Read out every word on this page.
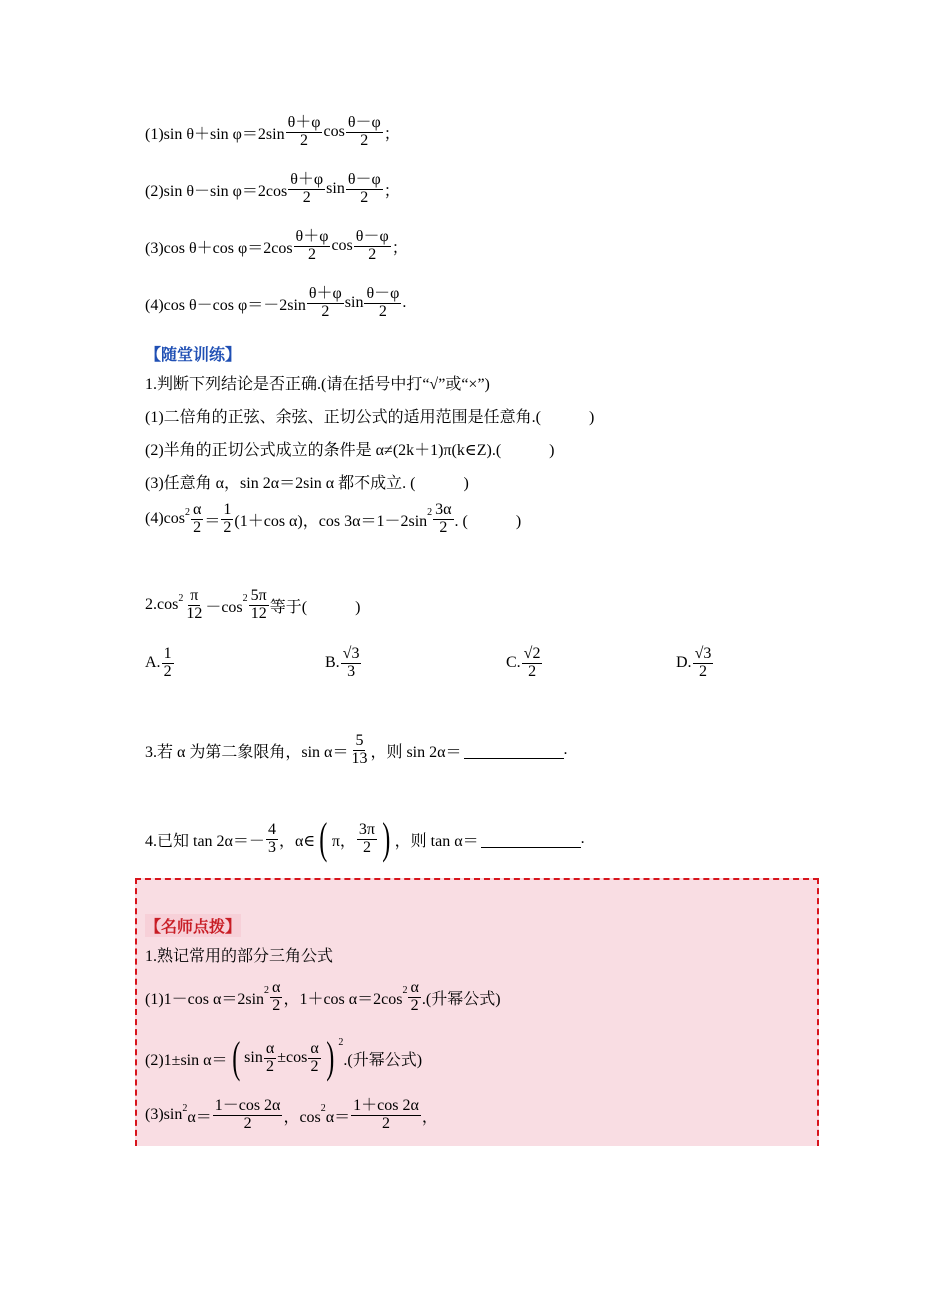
(1)sin θ＋sin $\varphi=2\sin \frac{\theta+\varphi}{2}$ $\cos \frac{\theta-\varphi}{2}$ ；
(2)sin θ－sin $\varphi=2\cos \frac{\theta+\varphi}{2}$ $\sin \frac{\theta-\varphi}{2}$ ；
(3)cos θ＋cos $\varphi=2\cos \frac{\theta+\varphi}{2}$ $\cos \frac{\theta-\varphi}{2}$ ；
(4)cos θ－cos $\varphi=-2\sin \frac{\theta+\varphi}{2}$ $\sin \frac{\theta-\varphi}{2}$ .
【随堂训练】
1.判断下列结论是否正确.(请在括号中打“√”或“×”)
(1)二倍角的正弦、余弦、正切公式的适用范围是任意角.(　　　)
(2)半角的正切公式成立的条件是 α≠(2k＋1)π(k∈Z).(　　　)
(3)任意角 α，sin 2α＝2sin α 都不成立. (　　　)
(4)cos $2 \frac{\alpha}{2} = \frac{1}{2} (1+\cos$ α)，cos 3α＝1－2sin
$2 \frac{3\alpha}{2}$ . (　　　)
2.cos $2 \frac{\pi}{12} -\cos$
$2 \frac{5\pi}{12}$ 等于(　　　)
A. $\frac{1}{2}$	B. $\frac{√3}{3}$	C. $\frac{√2}{2}$	D. $\frac{√3}{2}$
3.若 α 为第二象限角，$\sin \alpha= \frac{5}{13}$ ，则 sin 2α＝	.
4.已知 $\tan 2\alpha=- \frac{4}{3}$ ，α∈ ( π， $\frac{3\pi}{2}$ ) ，则 tan α＝	.
【名师点拨】
1.熟记常用的部分三角公式
(1)1－cos α＝2sin
$2 \frac{\alpha}{2}$ ，1＋cos α＝2cos
$2 \frac{\alpha}{2}$ .(升幂公式)
(2)1±sin α＝ ( $\sin \frac{\alpha}{2} \pm\cos \frac{\alpha}{2}$ ) 2
.(升幂公式)
(3)sin 2
$\alpha= \frac{1-\cos 2\alpha}{2}$ ，cos
2
$\alpha= \frac{1+\cos 2\alpha}{2}$ ，
